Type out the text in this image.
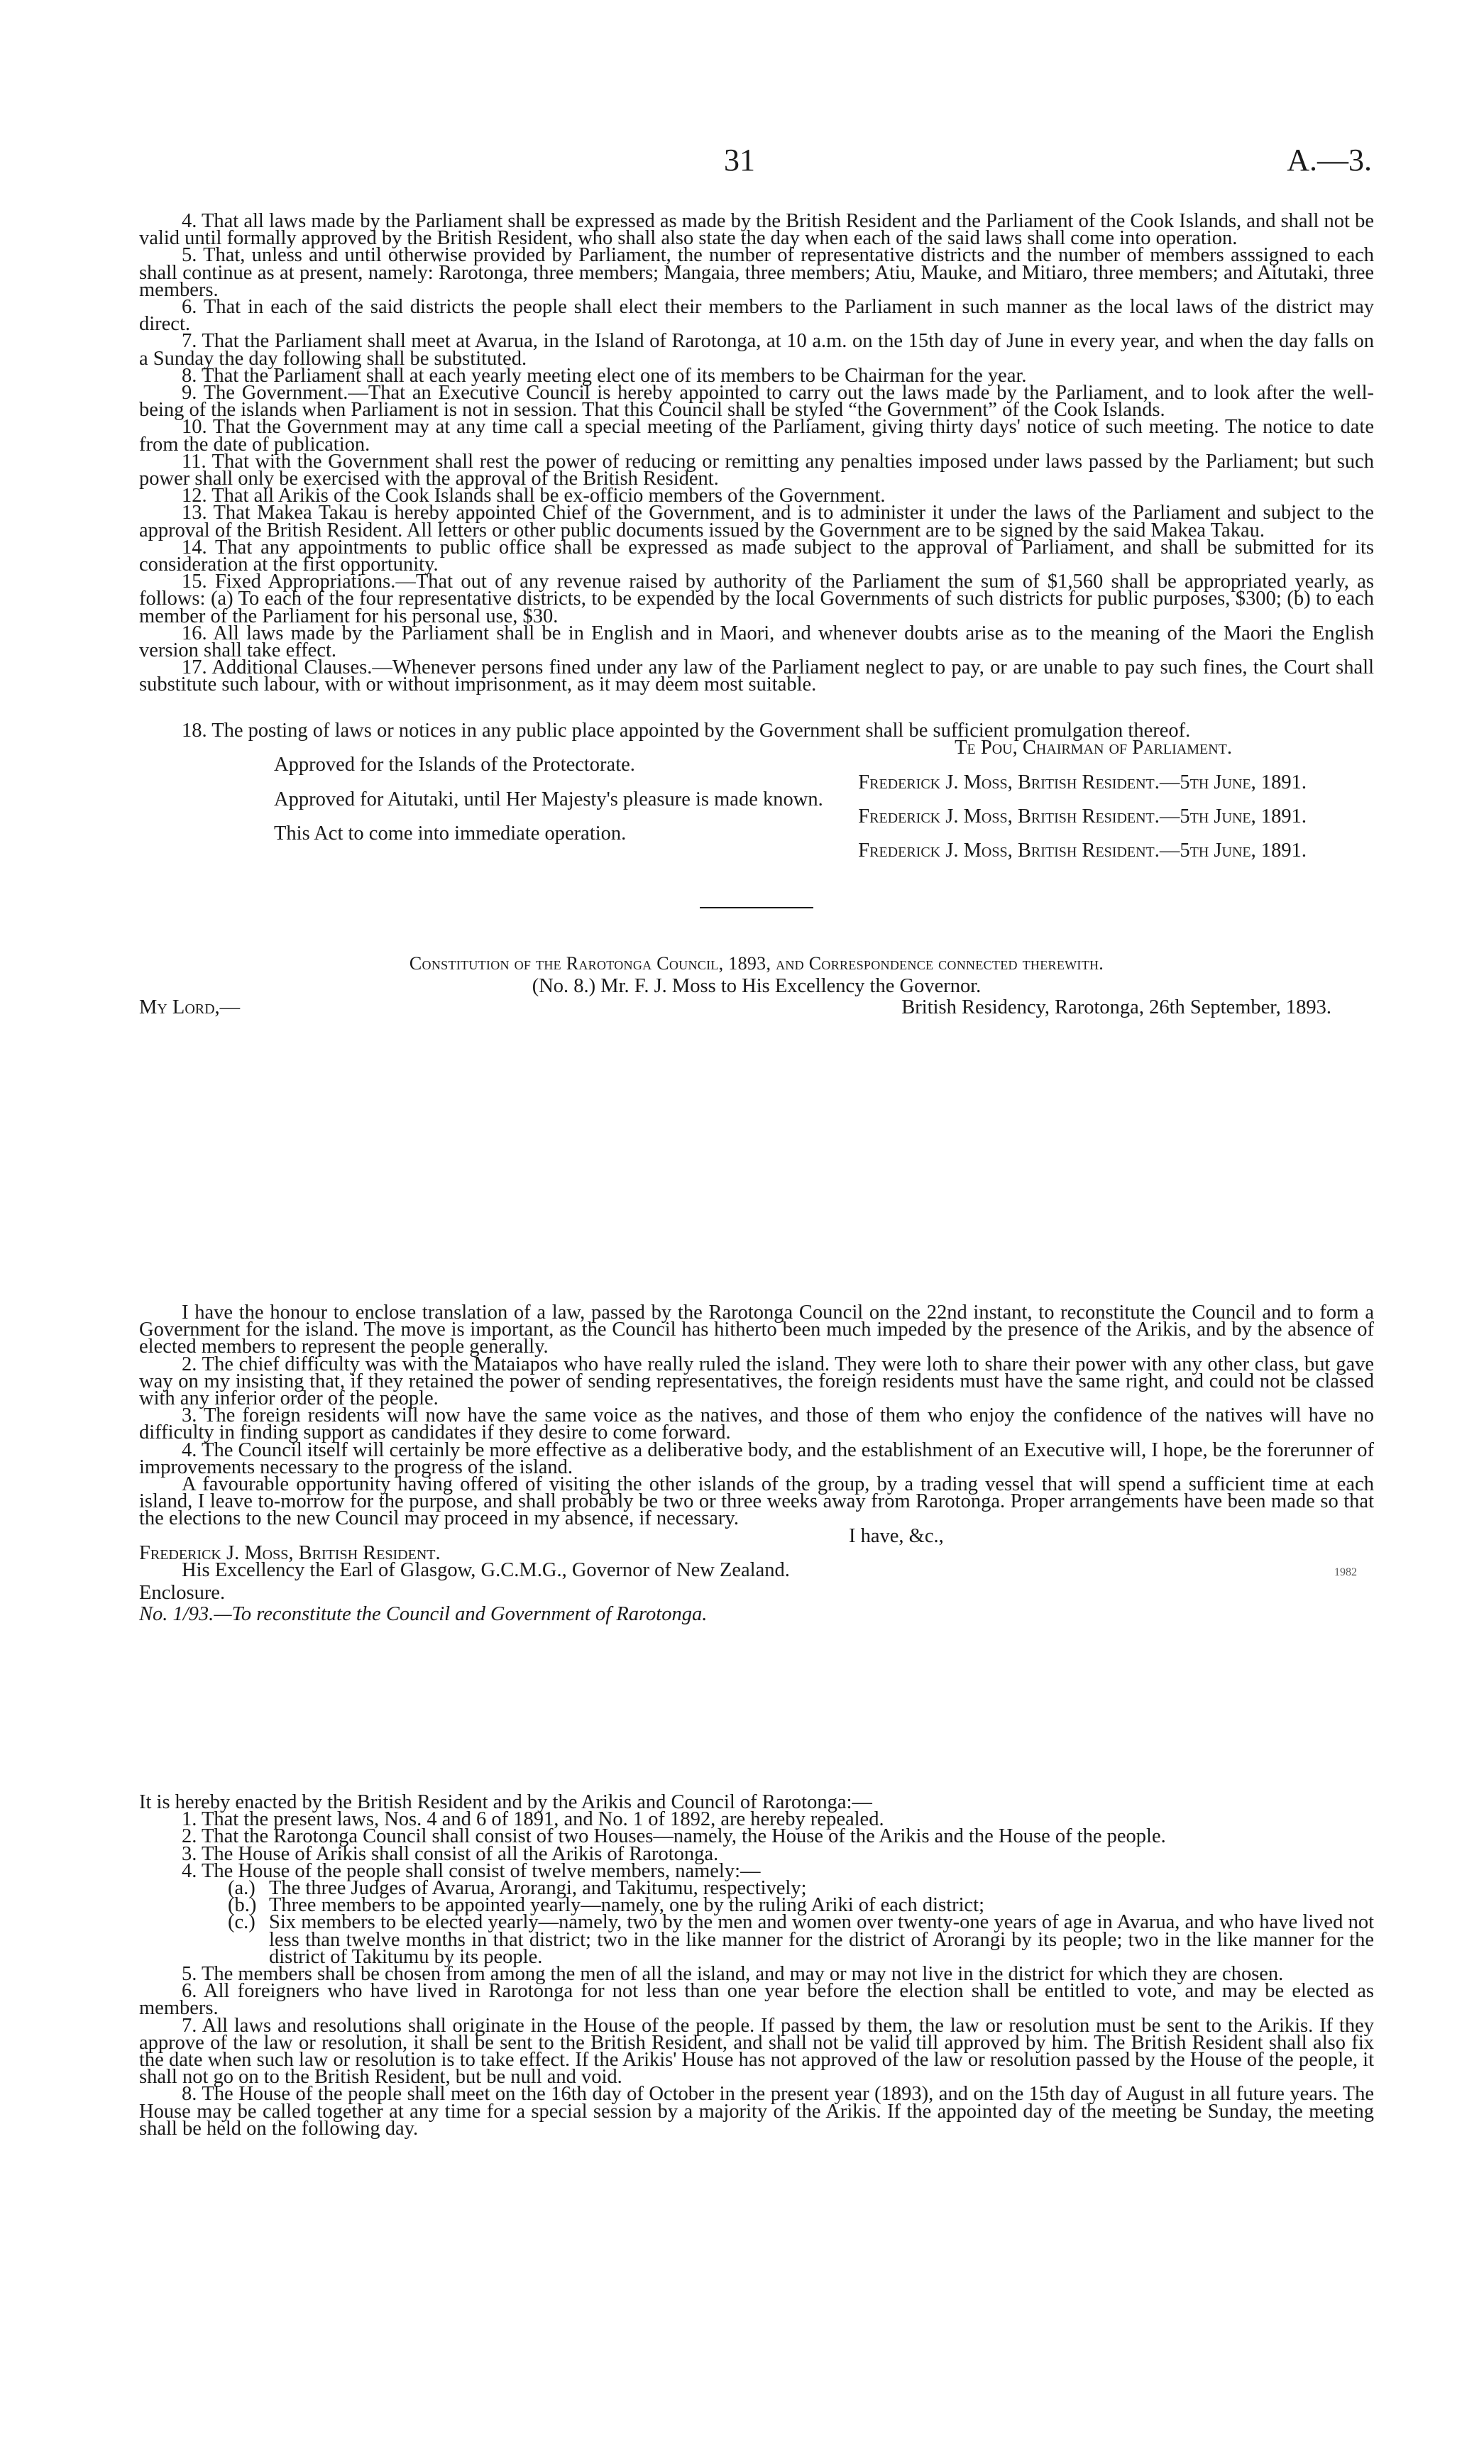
31	A.—3.

4. That all laws made by the Parliament shall be expressed as made by the British Resident and the Parliament of the Cook Islands, and shall not be valid until formally approved by the British Resident, who shall also state the day when each of the said laws shall come into operation.

5. That, unless and until otherwise provided by Parliament, the number of representative districts and the number of members asssigned to each shall continue as at present, namely: Rarotonga, three members; Mangaia, three members; Atiu, Mauke, and Mitiaro, three members; and Aitutaki, three members.

6. That in each of the said districts the people shall elect their members to the Parliament in such manner as the local laws of the district may direct.

7. That the Parliament shall meet at Avarua, in the Island of Rarotonga, at 10 a.m. on the 15th day of June in every year, and when the day falls on a Sunday the day following shall be substituted.

8. That the Parliament shall at each yearly meeting elect one of its members to be Chairman for the year.

9. The Government.—That an Executive Council is hereby appointed to carry out the laws made by the Parliament, and to look after the well-being of the islands when Parliament is not in session. That this Council shall be styled “the Government” of the Cook Islands.

10. That the Government may at any time call a special meeting of the Parliament, giving thirty days' notice of such meeting. The notice to date from the date of publication.

11. That with the Government shall rest the power of reducing or remitting any penalties imposed under laws passed by the Parliament; but such power shall only be exercised with the approval of the British Resident.

12. That all Arikis of the Cook Islands shall be ex-officio members of the Government.

13. That Makea Takau is hereby appointed Chief of the Government, and is to administer it under the laws of the Parliament and subject to the approval of the British Resident. All letters or other public documents issued by the Government are to be signed by the said Makea Takau.

14. That any appointments to public office shall be expressed as made subject to the approval of Parliament, and shall be submitted for its consideration at the first opportunity.

15. Fixed Appropriations.—That out of any revenue raised by authority of the Parliament the sum of $1,560 shall be appropriated yearly, as follows: (a) To each of the four representative districts, to be expended by the local Governments of such districts for public purposes, $300; (b) to each member of the Parliament for his personal use, $30.

16. All laws made by the Parliament shall be in English and in Maori, and whenever doubts arise as to the meaning of the Maori the English version shall take effect.

17. Additional Clauses.—Whenever persons fined under any law of the Parliament neglect to pay, or are unable to pay such fines, the Court shall substitute such labour, with or without imprisonment, as it may deem most suitable.

18. The posting of laws or notices in any public place appointed by the Government shall be sufficient promulgation thereof.

Te Pou, Chairman of Parliament.

Approved for the Islands of the Protectorate.

Frederick J. Moss, British Resident.—5th June, 1891.

Approved for Aitutaki, until Her Majesty's pleasure is made known.

Frederick J. Moss, British Resident.—5th June, 1891.

This Act to come into immediate operation.

Frederick J. Moss, British Resident.—5th June, 1891.

Constitution of the Rarotonga Council, 1893, and Correspondence connected therewith.

(No. 8.) Mr. F. J. Moss to His Excellency the Governor.

My Lord,—	British Residency, Rarotonga, 26th September, 1893.

I have the honour to enclose translation of a law, passed by the Rarotonga Council on the 22nd instant, to reconstitute the Council and to form a Government for the island. The move is important, as the Council has hitherto been much impeded by the presence of the Arikis, and by the absence of elected members to represent the people generally.

2. The chief difficulty was with the Mataiapos who have really ruled the island. They were loth to share their power with any other class, but gave way on my insisting that, if they retained the power of sending representatives, the foreign residents must have the same right, and could not be classed with any inferior order of the people.

3. The foreign residents will now have the same voice as the natives, and those of them who enjoy the confidence of the natives will have no difficulty in finding support as candidates if they desire to come forward.

4. The Council itself will certainly be more effective as a deliberative body, and the establishment of an Executive will, I hope, be the forerunner of improvements necessary to the progress of the island.

A favourable opportunity having offered of visiting the other islands of the group, by a trading vessel that will spend a sufficient time at each island, I leave to-morrow for the purpose, and shall probably be two or three weeks away from Rarotonga. Proper arrangements have been made so that the elections to the new Council may proceed in my absence, if necessary.

I have, &c.,

Frederick J. Moss, British Resident.

His Excellency the Earl of Glasgow, G.C.M.G., Governor of New Zealand.

Enclosure.

No. 1/93.—To reconstitute the Council and Government of Rarotonga.

It is hereby enacted by the British Resident and by the Arikis and Council of Rarotonga:—

1. That the present laws, Nos. 4 and 6 of 1891, and No. 1 of 1892, are hereby repealed.

2. That the Rarotonga Council shall consist of two Houses—namely, the House of the Arikis and the House of the people.

3. The House of Arikis shall consist of all the Arikis of Rarotonga.

4. The House of the people shall consist of twelve members, namely:—

(a.) The three Judges of Avarua, Arorangi, and Takitumu, respectively;
(b.) Three members to be appointed yearly—namely, one by the ruling Ariki of each district;
(c.) Six members to be elected yearly—namely, two by the men and women over twenty-one years of age in Avarua, and who have lived not less than twelve months in that district; two in the like manner for the district of Arorangi by its people; two in the like manner for the district of Takitumu by its people.

5. The members shall be chosen from among the men of all the island, and may or may not live in the district for which they are chosen.

6. All foreigners who have lived in Rarotonga for not less than one year before the election shall be entitled to vote, and may be elected as members.

7. All laws and resolutions shall originate in the House of the people. If passed by them, the law or resolution must be sent to the Arikis. If they approve of the law or resolution, it shall be sent to the British Resident, and shall not be valid till approved by him. The British Resident shall also fix the date when such law or resolution is to take effect. If the Arikis' House has not approved of the law or resolution passed by the House of the people, it shall not go on to the British Resident, but be null and void.

8. The House of the people shall meet on the 16th day of October in the present year (1893), and on the 15th day of August in all future years. The House may be called together at any time for a special session by a majority of the Arikis. If the appointed day of the meeting be Sunday, the meeting shall be held on the following day.

1982
